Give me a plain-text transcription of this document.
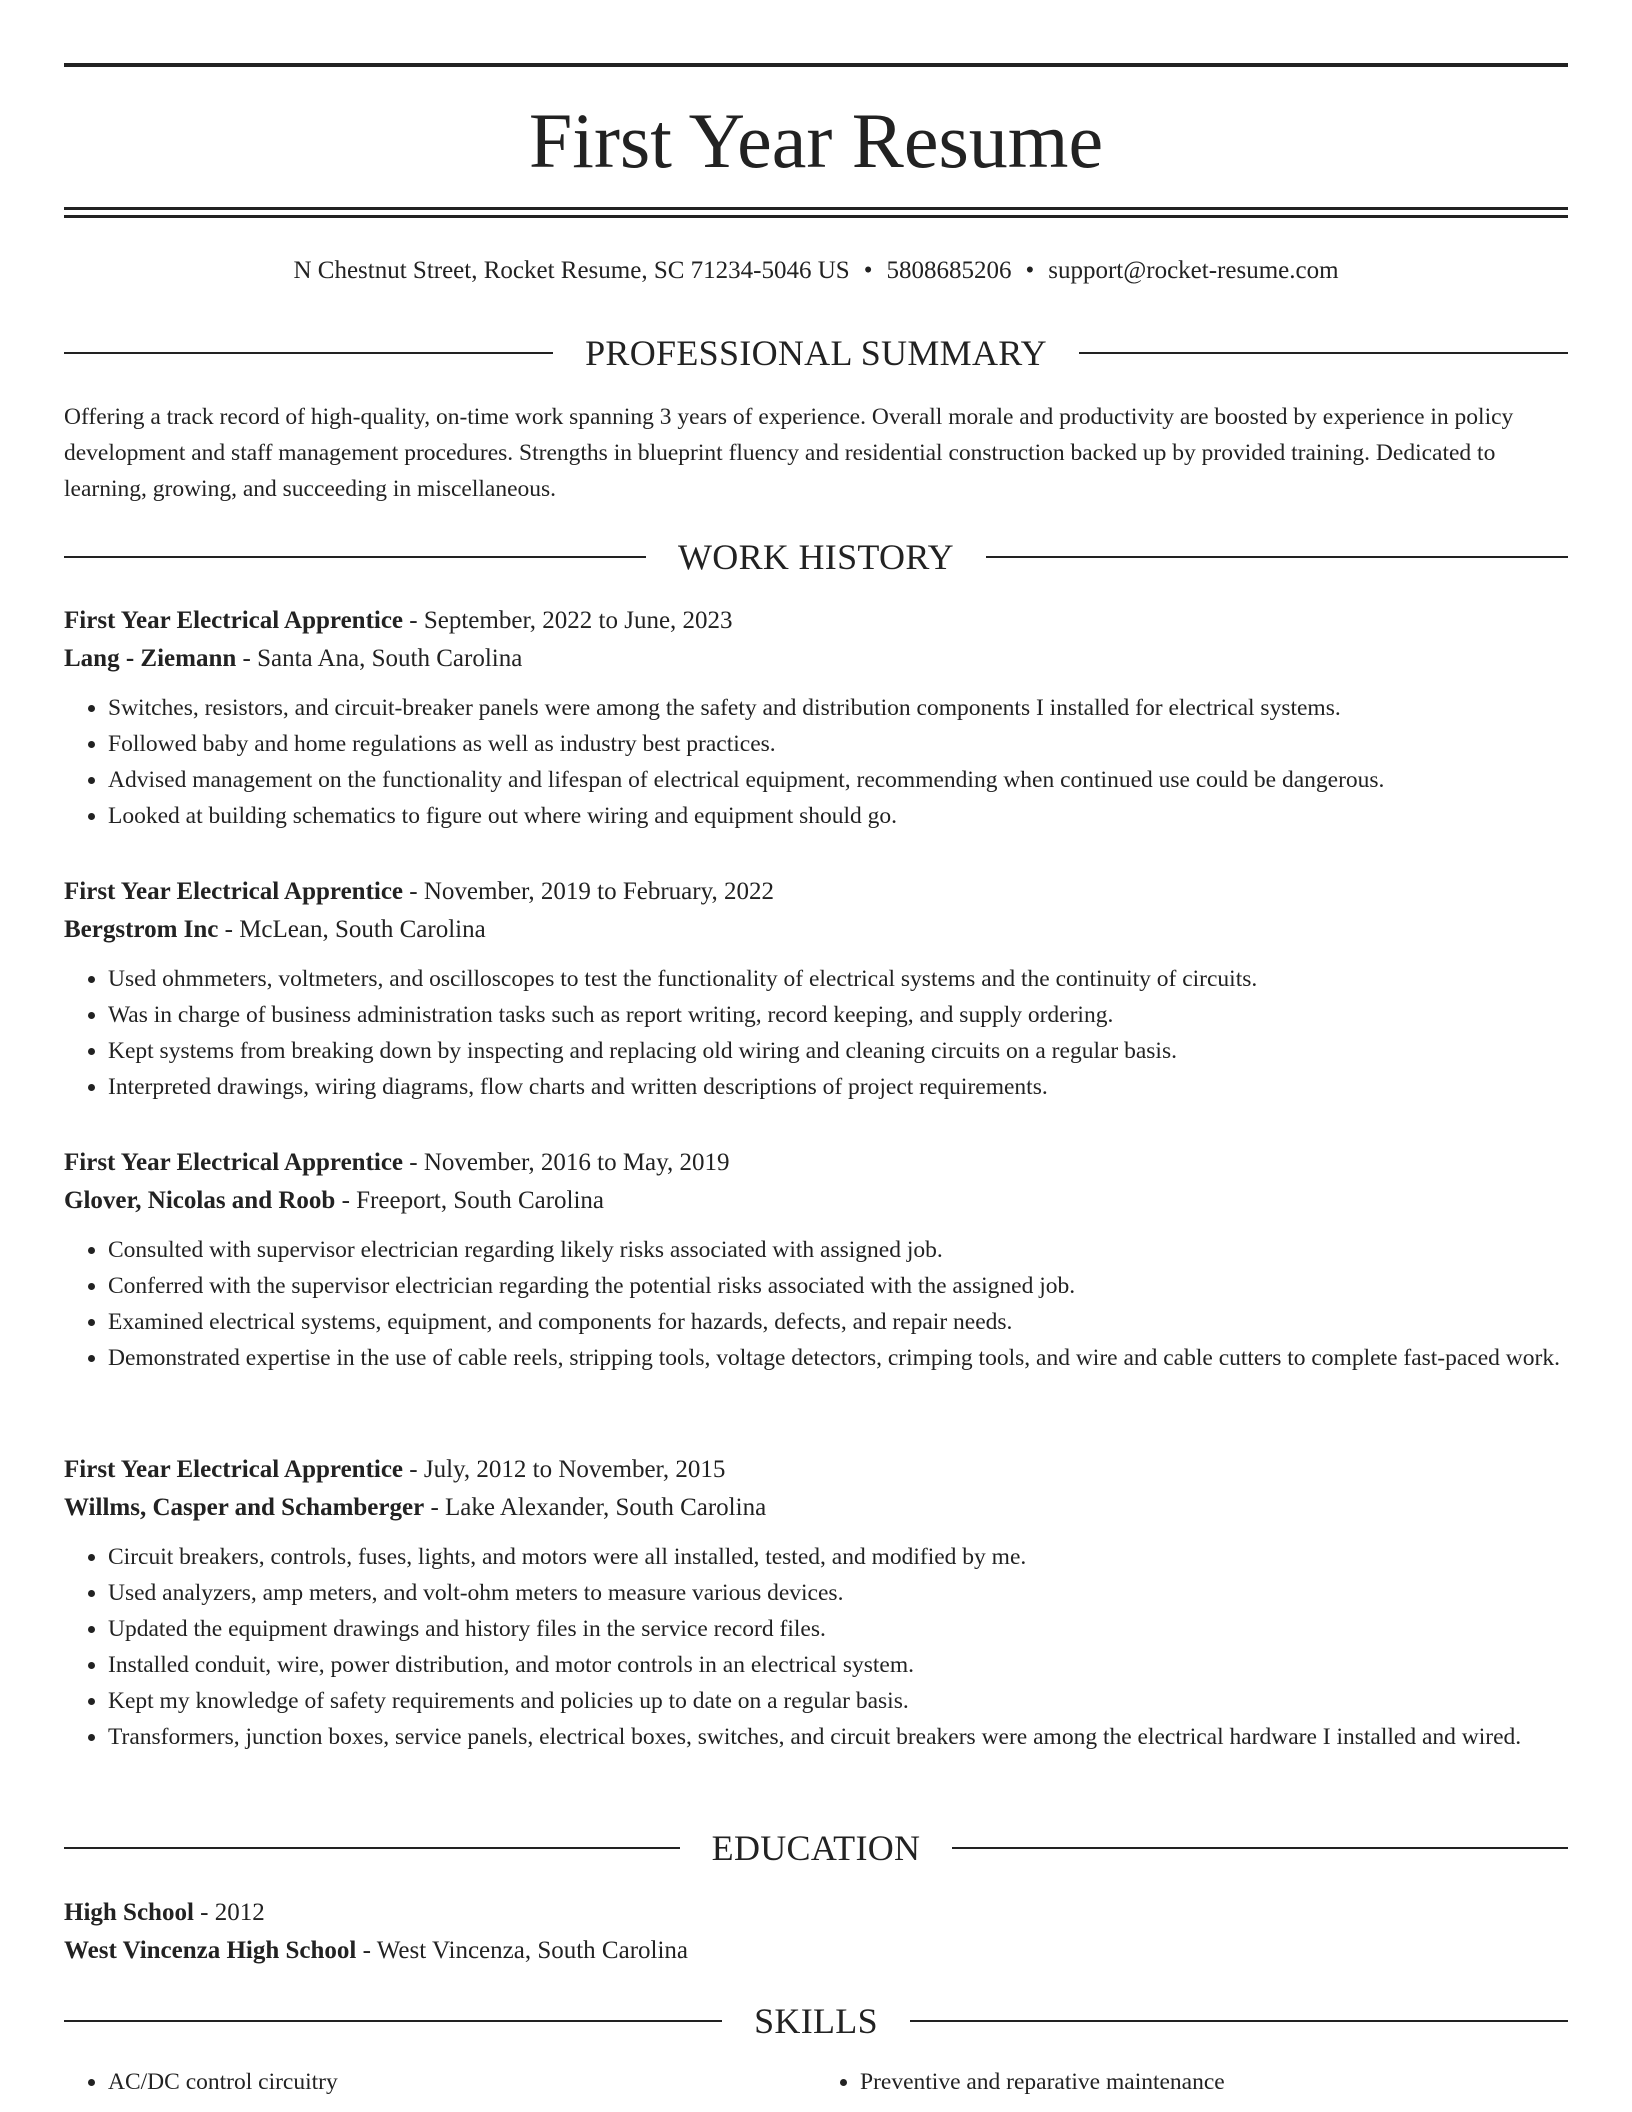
First Year Resume
N Chestnut Street, Rocket Resume, SC 71234-5046 US • 5808685206 • support@rocket-resume.com
PROFESSIONAL SUMMARY

Offering a track record of high-quality, on-time work spanning 3 years of experience. Overall morale and productivity are boosted by experience in policy development and staff management procedures. Strengths in blueprint fluency and residential construction backed up by provided training. Dedicated to learning, growing, and succeeding in miscellaneous.

WORK HISTORY
First Year Electrical Apprentice - September, 2022 to June, 2023
Lang - Ziemann - Santa Ana, South Carolina
• Switches, resistors, and circuit-breaker panels were among the safety and distribution components I installed for electrical systems.
• Followed baby and home regulations as well as industry best practices.
• Advised management on the functionality and lifespan of electrical equipment, recommending when continued use could be dangerous.
• Looked at building schematics to figure out where wiring and equipment should go.
First Year Electrical Apprentice - November, 2019 to February, 2022
Bergstrom Inc - McLean, South Carolina
• Used ohmmeters, voltmeters, and oscilloscopes to test the functionality of electrical systems and the continuity of circuits.
• Was in charge of business administration tasks such as report writing, record keeping, and supply ordering.
• Kept systems from breaking down by inspecting and replacing old wiring and cleaning circuits on a regular basis.
• Interpreted drawings, wiring diagrams, flow charts and written descriptions of project requirements.
First Year Electrical Apprentice - November, 2016 to May, 2019
Glover, Nicolas and Roob - Freeport, South Carolina
• Consulted with supervisor electrician regarding likely risks associated with assigned job.
• Conferred with the supervisor electrician regarding the potential risks associated with the assigned job.
• Examined electrical systems, equipment, and components for hazards, defects, and repair needs.
• Demonstrated expertise in the use of cable reels, stripping tools, voltage detectors, crimping tools, and wire and cable cutters to complete fast-paced work.
First Year Electrical Apprentice - July, 2012 to November, 2015
Willms, Casper and Schamberger - Lake Alexander, South Carolina
• Circuit breakers, controls, fuses, lights, and motors were all installed, tested, and modified by me.
• Used analyzers, amp meters, and volt-ohm meters to measure various devices.
• Updated the equipment drawings and history files in the service record files.
• Installed conduit, wire, power distribution, and motor controls in an electrical system.
• Kept my knowledge of safety requirements and policies up to date on a regular basis.
• Transformers, junction boxes, service panels, electrical boxes, switches, and circuit breakers were among the electrical hardware I installed and wired.
EDUCATION
High School - 2012
West Vincenza High School - West Vincenza, South Carolina
SKILLS
• AC/DC control circuitry
•	Preventive and reparative maintenance
